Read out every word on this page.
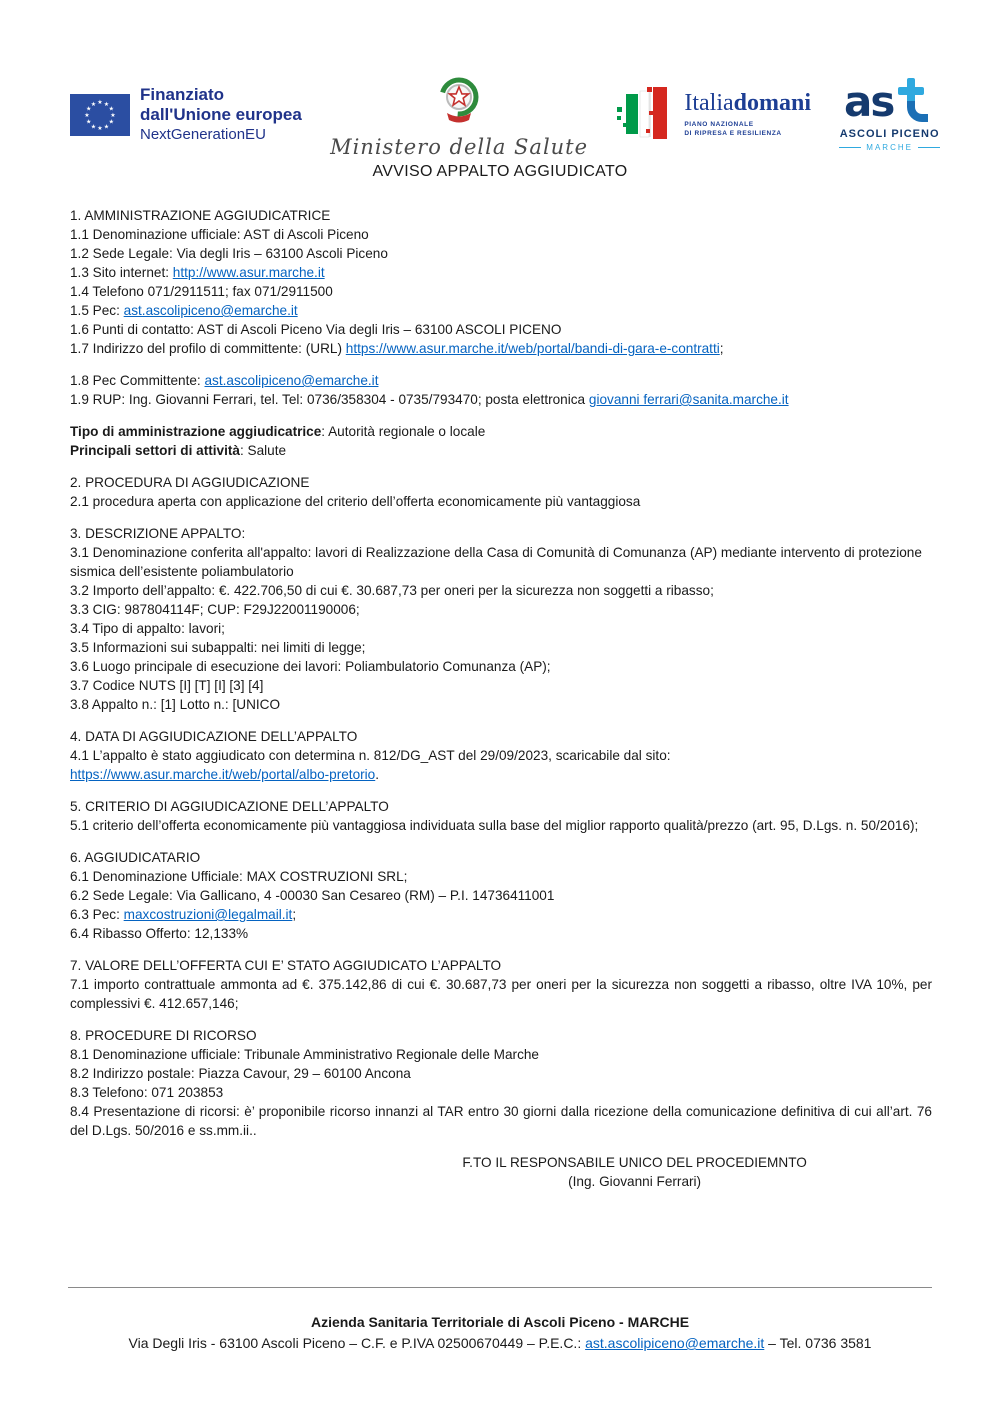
★ ★
★
★
★
★
★
★
★
★
★
★	Finanziato
dall'Unione europea
NextGenerationEU	Ministero della Salute
Italiadomani
PIANO NAZIONALE
DI RIPRESA E RESILIENZA
as
ASCOLI PICENO
MARCHE
AVVISO APPALTO AGGIUDICATO

1. AMMINISTRAZIONE AGGIUDICATRICE

1.1 Denominazione ufficiale: AST di Ascoli Piceno

1.2 Sede Legale: Via degli Iris – 63100 Ascoli Piceno

1.3 Sito internet: http://www.asur.marche.it

1.4 Telefono 071/2911511; fax 071/2911500

1.5 Pec: ast.ascolipiceno@emarche.it

1.6 Punti di contatto: AST di Ascoli Piceno Via degli Iris – 63100 ASCOLI PICENO

1.7 Indirizzo del profilo di committente: (URL) https://www.asur.marche.it/web/portal/bandi-di-gara-e-contratti;

1.8 Pec Committente: ast.ascolipiceno@emarche.it

1.9 RUP: Ing. Giovanni Ferrari, tel. Tel: 0736/358304 - 0735/793470; posta elettronica giovanni ferrari@sanita.marche.it

Tipo di amministrazione aggiudicatrice: Autorità regionale o locale

Principali settori di attività: Salute

2. PROCEDURA DI AGGIUDICAZIONE

2.1 procedura aperta con applicazione del criterio dell’offerta economicamente più vantaggiosa

3. DESCRIZIONE APPALTO:

3.1 Denominazione conferita all'appalto: lavori di Realizzazione della Casa di Comunità di Comunanza (AP) mediante intervento di protezione sismica dell’esistente poliambulatorio

3.2 Importo dell’appalto: €. 422.706,50 di cui €. 30.687,73 per oneri per la sicurezza non soggetti a ribasso;

3.3 CIG: 987804114F; CUP: F29J22001190006;

3.4 Tipo di appalto: lavori;

3.5 Informazioni sui subappalti: nei limiti di legge;

3.6 Luogo principale di esecuzione dei lavori: Poliambulatorio Comunanza (AP);

3.7 Codice NUTS [I] [T] [I] [3] [4]

3.8 Appalto n.: [1] Lotto n.: [UNICO

4. DATA DI AGGIUDICAZIONE DELL’APPALTO

4.1 L’appalto è stato aggiudicato con determina n. 812/DG_AST del 29/09/2023, scaricabile dal sito:

https://www.asur.marche.it/web/portal/albo-pretorio.

5. CRITERIO DI AGGIUDICAZIONE DELL’APPALTO

5.1 criterio dell’offerta economicamente più vantaggiosa individuata sulla base del miglior rapporto qualità/prezzo (art. 95, D.Lgs. n. 50/2016);

6. AGGIUDICATARIO

6.1 Denominazione Ufficiale: MAX COSTRUZIONI SRL;

6.2 Sede Legale: Via Gallicano, 4 -00030 San Cesareo (RM) – P.I. 14736411001

6.3 Pec: maxcostruzioni@legalmail.it;

6.4 Ribasso Offerto: 12,133%

7. VALORE DELL’OFFERTA CUI E’ STATO AGGIUDICATO L’APPALTO

7.1 importo contrattuale ammonta ad €. 375.142,86 di cui €. 30.687,73 per oneri per la sicurezza non soggetti a ribasso, oltre IVA 10%, per complessivi €. 412.657,146;

8. PROCEDURE DI RICORSO

8.1 Denominazione ufficiale: Tribunale Amministrativo Regionale delle Marche

8.2 Indirizzo postale: Piazza Cavour, 29 – 60100 Ancona

8.3 Telefono: 071 203853

8.4 Presentazione di ricorsi: è’ proponibile ricorso innanzi al TAR entro 30 giorni dalla ricezione della comunicazione definitiva di cui all’art. 76 del D.Lgs. 50/2016 e ss.mm.ii..

F.TO IL RESPONSABILE UNICO DEL PROCEDIEMNTO

(Ing. Giovanni Ferrari)

Azienda Sanitaria Territoriale di Ascoli Piceno - MARCHE

Via Degli Iris - 63100 Ascoli Piceno – C.F. e P.IVA 02500670449 – P.E.C.: ast.ascolipiceno@emarche.it – Tel. 0736 3581
